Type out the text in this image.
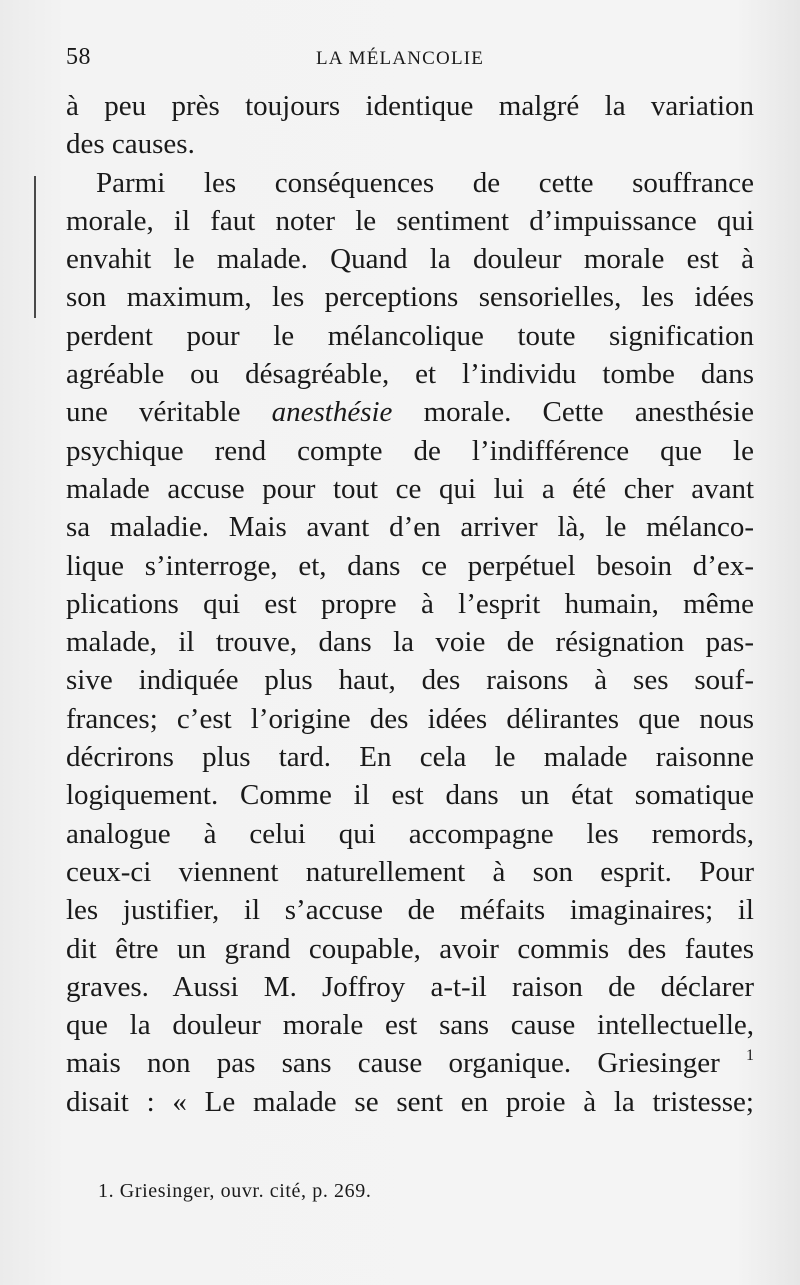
58	LA MÉLANCOLIE
à peu près toujours identique malgré la variation
des causes.
Parmi les conséquences de cette souffrance
morale, il faut noter le sentiment d’impuissance qui
envahit le malade. Quand la douleur morale est à
son maximum, les perceptions sensorielles, les idées
perdent pour le mélancolique toute signification
agréable ou désagréable, et l’individu tombe dans
une véritable anesthésie morale. Cette anesthésie
psychique rend compte de l’indifférence que le
malade accuse pour tout ce qui lui a été cher avant
sa maladie. Mais avant d’en arriver là, le mélanco-
lique s’interroge, et, dans ce perpétuel besoin d’ex-
plications qui est propre à l’esprit humain, même
malade, il trouve, dans la voie de résignation pas-
sive indiquée plus haut, des raisons à ses souf-
frances; c’est l’origine des idées délirantes que nous
décrirons plus tard. En cela le malade raisonne
logiquement. Comme il est dans un état somatique
analogue à celui qui accompagne les remords,
ceux-ci viennent naturellement à son esprit. Pour
les justifier, il s’accuse de méfaits imaginaires; il
dit être un grand coupable, avoir commis des fautes
graves. Aussi M. Joffroy a-t-il raison de déclarer
que la douleur morale est sans cause intellectuelle,
mais non pas sans cause organique. Griesinger $^1$
disait : « Le malade se sent en proie à la tristesse;
1. Griesinger, ouvr. cité, p. 269.
